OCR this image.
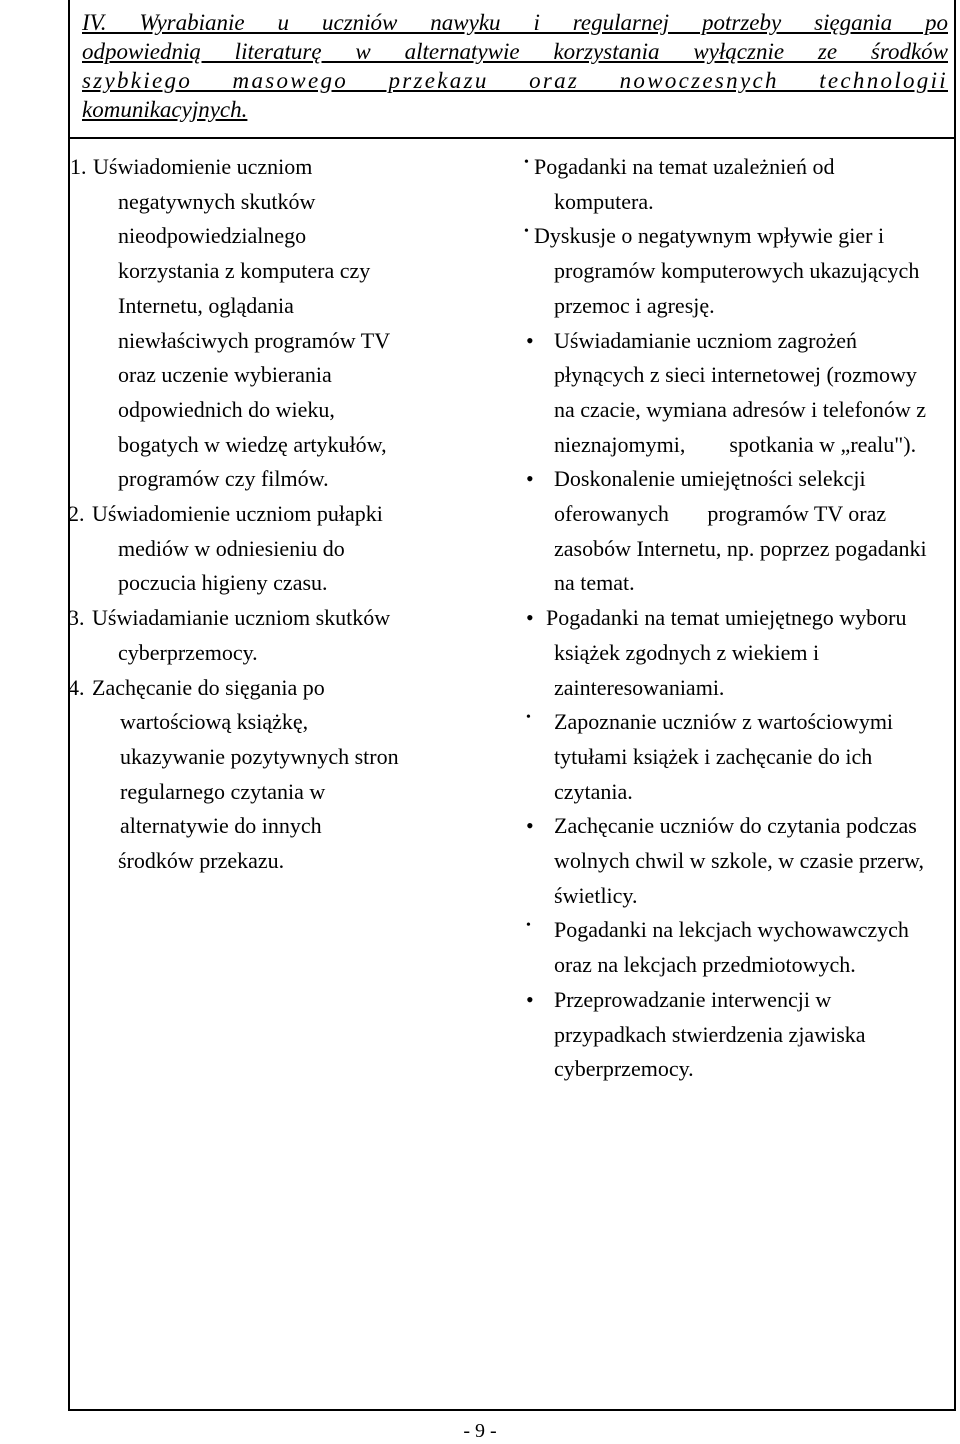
IV. Wyrabianie u uczniów nawyku i regularnej potrzeby sięgania po
odpowiednią literaturę w alternatywie korzystania wyłącznie ze środków
szybkiego masowego przekazu oraz nowoczesnych technologii
komunikacyjnych.
1. Uświadomienie uczniom
negatywnych skutków
nieodpowiedzialnego
korzystania z komputera czy
Internetu, oglądania
niewłaściwych programów TV
oraz uczenie wybierania
odpowiednich do wieku,
bogatych w wiedzę artykułów,
programów czy filmów.
2. Uświadomienie uczniom pułapki
mediów w odniesieniu do
poczucia higieny czasu.
3. Uświadamianie uczniom skutków
cyberprzemocy.
4. Zachęcanie do sięgania po
wartościową książkę,
ukazywanie pozytywnych stron
regularnego czytania w
alternatywie do innych
środków przekazu.
• Pogadanki na temat uzależnień od
komputera.
• Dyskusje o negatywnym wpływie gier i
programów komputerowych ukazujących
przemoc i agresję.
• Uświadamianie uczniom zagrożeń
płynących z sieci internetowej (rozmowy
na czacie, wymiana adresów i telefonów z
nieznajomymi,        spotkania w „realu").
• Doskonalenie umiejętności selekcji
oferowanych       programów TV oraz
zasobów Internetu, np. poprzez pogadanki
na temat.
• Pogadanki na temat umiejętnego wyboru
książek zgodnych z wiekiem i
zainteresowaniami.
• Zapoznanie uczniów z wartościowymi
tytułami książek i zachęcanie do ich
czytania.
• Zachęcanie uczniów do czytania podczas
wolnych chwil w szkole, w czasie przerw,
świetlicy.
• Pogadanki na lekcjach wychowawczych
oraz na lekcjach przedmiotowych.
• Przeprowadzanie interwencji w
przypadkach stwierdzenia zjawiska
cyberprzemocy.
- 9 -
